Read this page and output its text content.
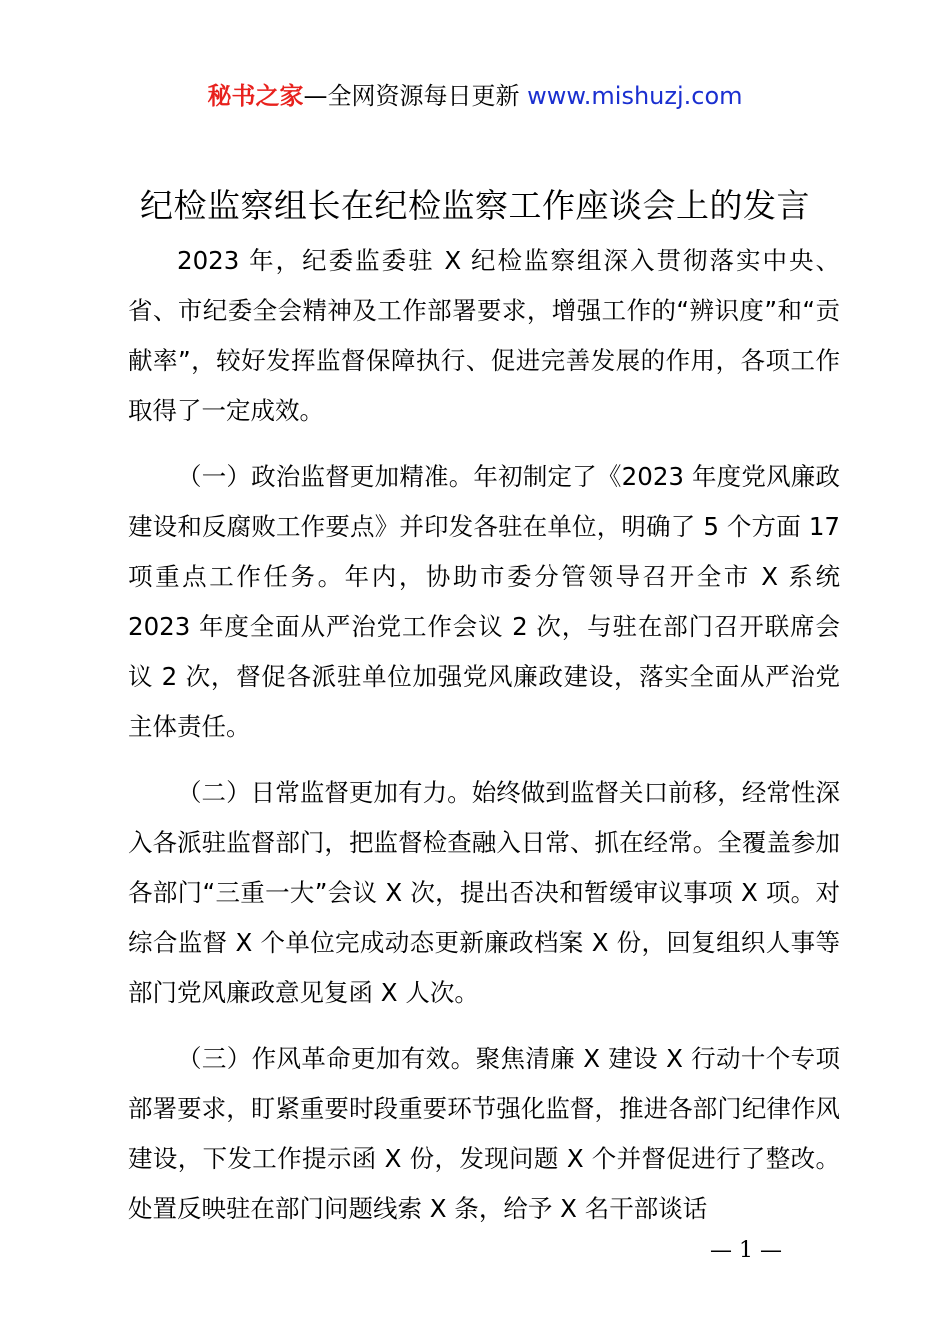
秘书之家—全网资源每日更新 www.mishuzj.com
纪检监察组长在纪检监察工作座谈会上的发言

2023 年，纪委监委驻 X 纪检监察组深入贯彻落实中央、省、市纪委全会精神及工作部署要求，增强工作的“辨识度”和“贡献率”，较好发挥监督保障执行、促进完善发展的作用，各项工作取得了一定成效。

（一）政治监督更加精准。年初制定了《2023 年度党风廉政建设和反腐败工作要点》并印发各驻在单位，明确了 5 个方面 17 项重点工作任务。年内，协助市委分管领导召开全市 X 系统 2023 年度全面从严治党工作会议 2 次，与驻在部门召开联席会议 2 次，督促各派驻单位加强党风廉政建设，落实全面从严治党主体责任。

（二）日常监督更加有力。始终做到监督关口前移，经常性深入各派驻监督部门，把监督检查融入日常、抓在经常。全覆盖参加各部门“三重一大”会议 X 次，提出否决和暂缓审议事项 X 项。对综合监督 X 个单位完成动态更新廉政档案 X 份，回复组织人事等部门党风廉政意见复函 X 人次。

（三）作风革命更加有效。聚焦清廉 X 建设 X 行动十个专项部署要求，盯紧重要时段重要环节强化监督，推进各部门纪律作风建设，下发工作提示函 X 份，发现问题 X 个并督促进行了整改。处置反映驻在部门问题线索 X 条，给予 X 名干部谈话

— 1 —
